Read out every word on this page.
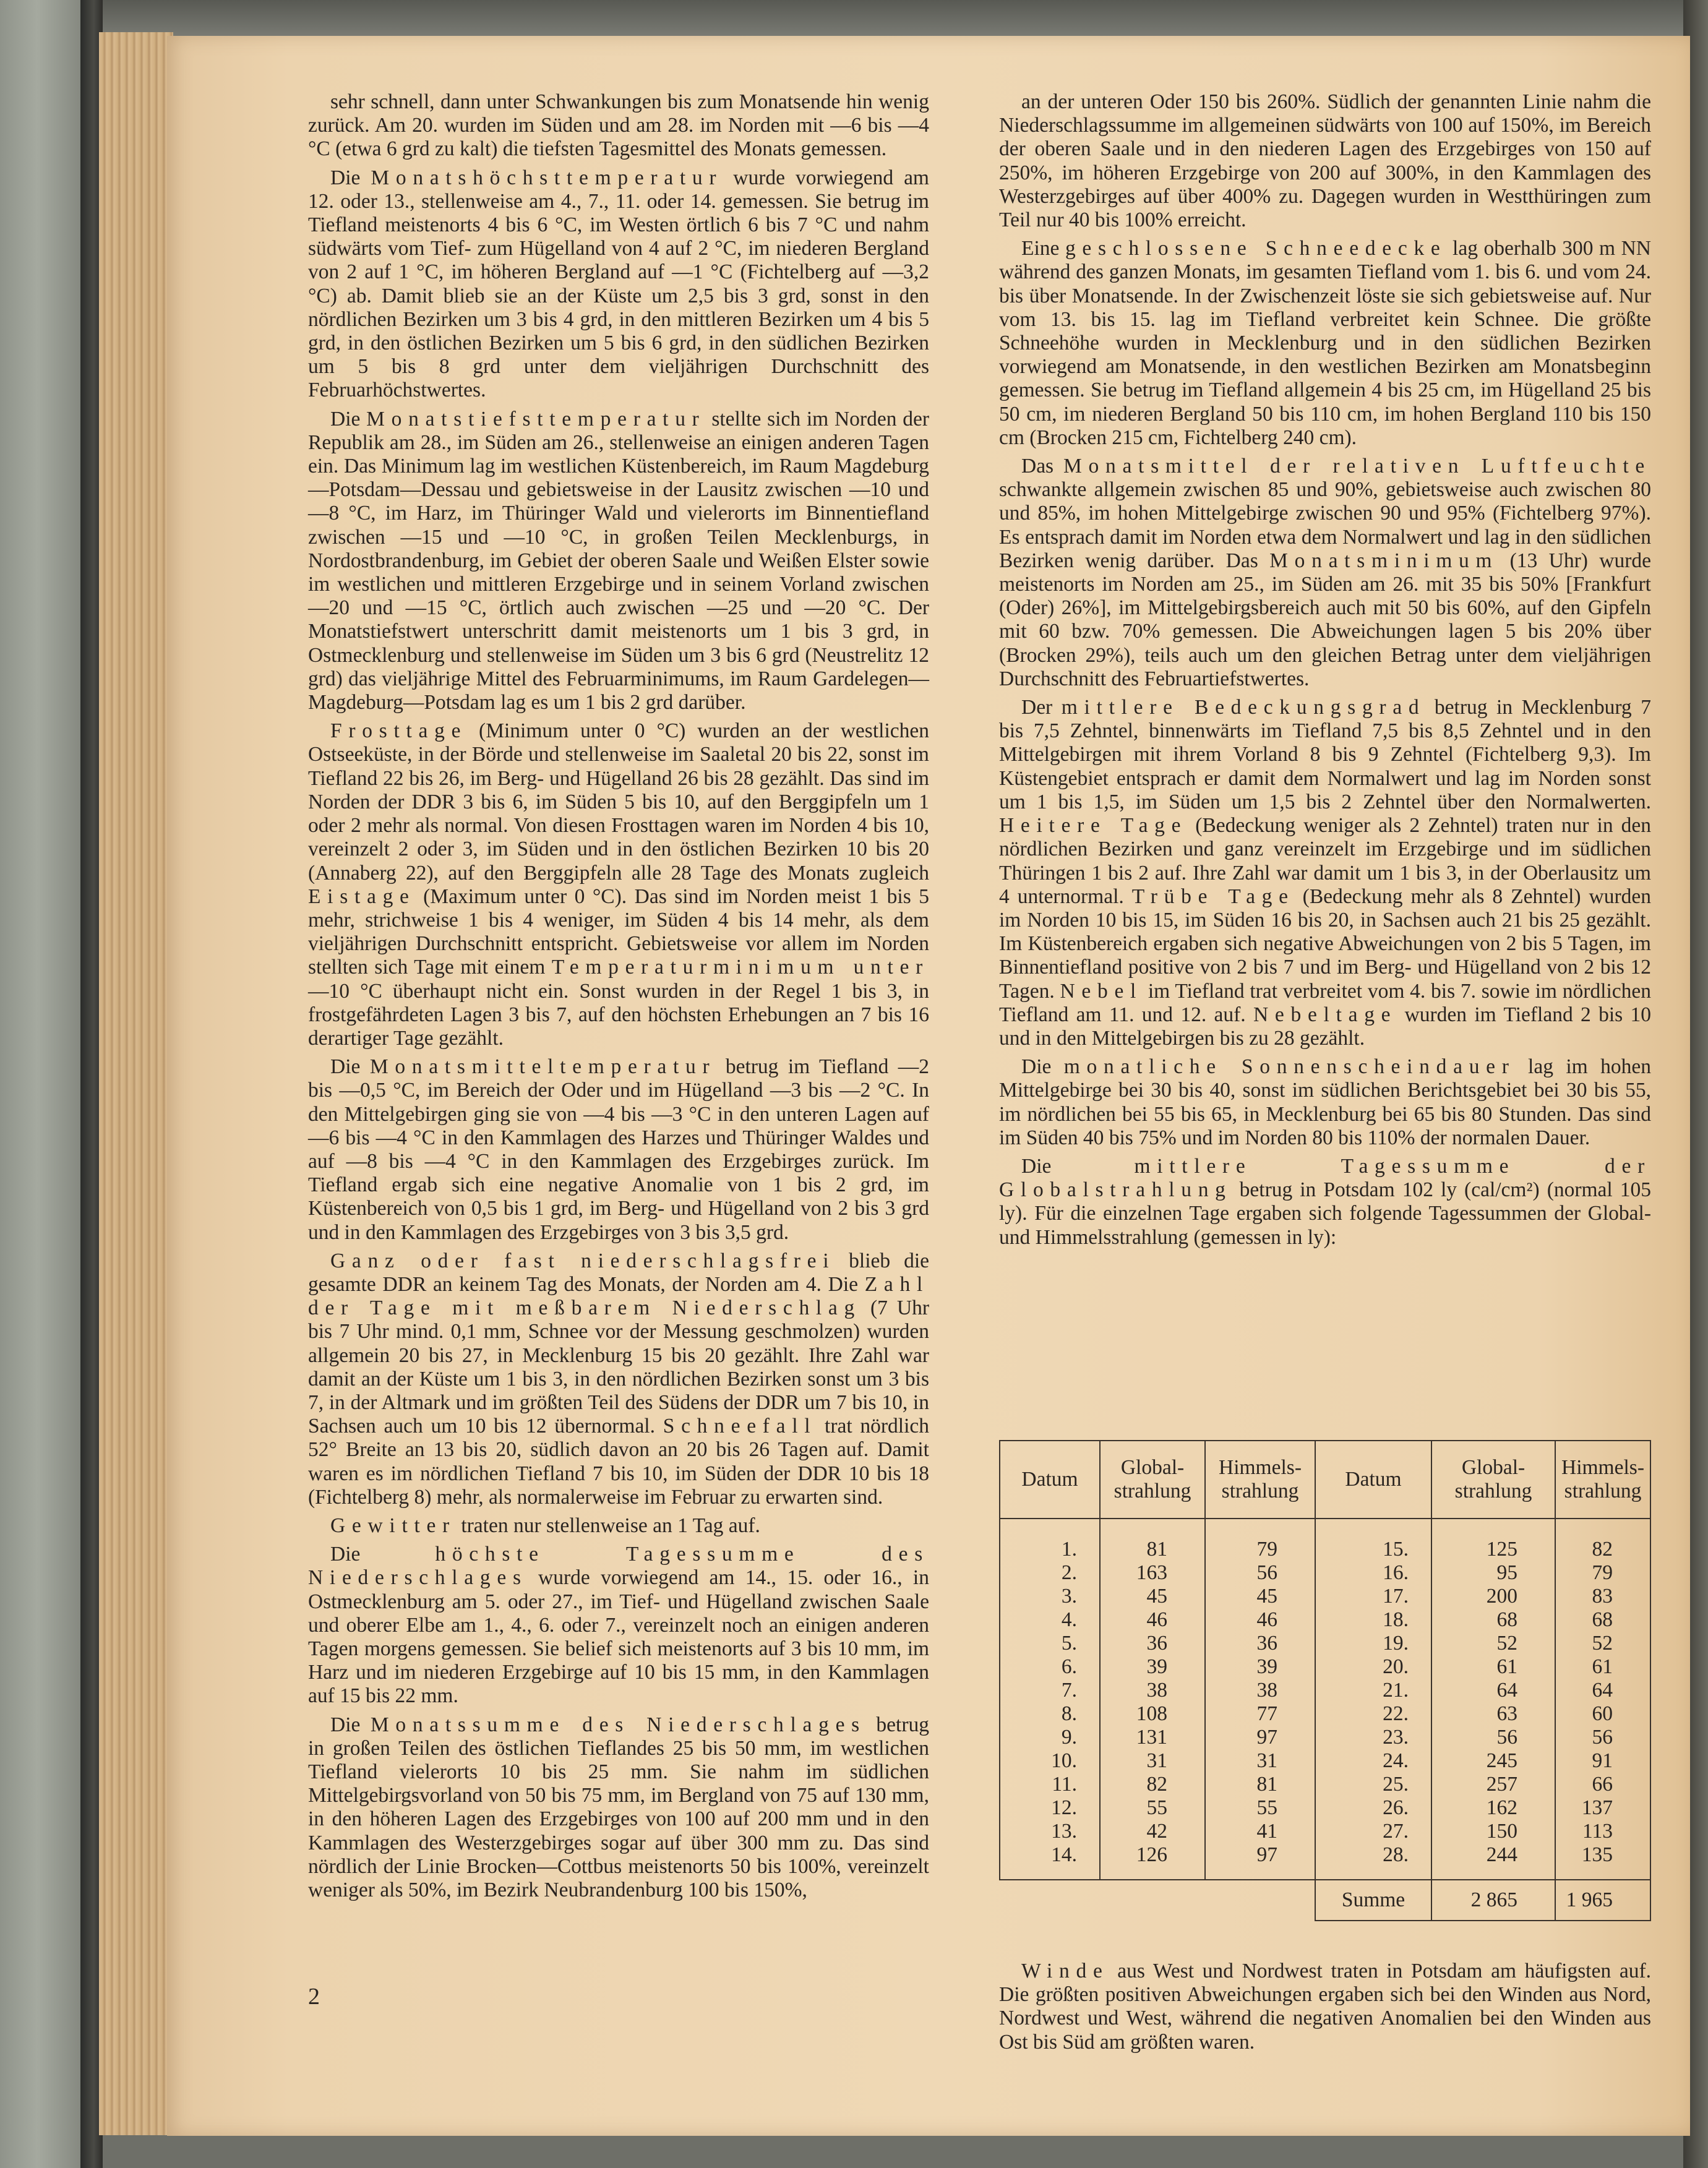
sehr schnell, dann unter Schwankungen bis zum Monatsende hin wenig zurück. Am 20. wurden im Süden und am 28. im Norden mit —6 bis —4 °C (etwa 6 grd zu kalt) die tiefsten Tagesmittel des Monats gemessen.

Die Monatshöchsttemperatur wurde vorwiegend am 12. oder 13., stellenweise am 4., 7., 11. oder 14. gemessen. Sie betrug im Tiefland meistenorts 4 bis 6 °C, im Westen örtlich 6 bis 7 °C und nahm südwärts vom Tief- zum Hügelland von 4 auf 2 °C, im niederen Bergland von 2 auf 1 °C, im höheren Bergland auf —1 °C (Fichtelberg auf —3,2 °C) ab. Damit blieb sie an der Küste um 2,5 bis 3 grd, sonst in den nördlichen Bezirken um 3 bis 4 grd, in den mittleren Bezirken um 4 bis 5 grd, in den östlichen Bezirken um 5 bis 6 grd, in den südlichen Bezirken um 5 bis 8 grd unter dem vieljährigen Durchschnitt des Februarhöchstwertes.

Die Monatstiefsttemperatur stellte sich im Norden der Republik am 28., im Süden am 26., stellenweise an einigen anderen Tagen ein. Das Minimum lag im westlichen Küstenbereich, im Raum Magdeburg—Potsdam—Dessau und gebietsweise in der Lausitz zwischen —10 und —8 °C, im Harz, im Thüringer Wald und vielerorts im Binnentiefland zwischen —15 und —10 °C, in großen Teilen Mecklenburgs, in Nordostbrandenburg, im Gebiet der oberen Saale und Weißen Elster sowie im westlichen und mittleren Erzgebirge und in seinem Vorland zwischen —20 und —15 °C, örtlich auch zwischen —25 und —20 °C. Der Monatstiefstwert unterschritt damit meistenorts um 1 bis 3 grd, in Ostmecklenburg und stellenweise im Süden um 3 bis 6 grd (Neustrelitz 12 grd) das vieljährige Mittel des Februarminimums, im Raum Gardelegen—Magdeburg—Potsdam lag es um 1 bis 2 grd darüber.

Frosttage (Minimum unter 0 °C) wurden an der westlichen Ostseeküste, in der Börde und stellenweise im Saaletal 20 bis 22, sonst im Tiefland 22 bis 26, im Berg- und Hügelland 26 bis 28 gezählt. Das sind im Norden der DDR 3 bis 6, im Süden 5 bis 10, auf den Berggipfeln um 1 oder 2 mehr als normal. Von diesen Frosttagen waren im Norden 4 bis 10, vereinzelt 2 oder 3, im Süden und in den östlichen Bezirken 10 bis 20 (Annaberg 22), auf den Berggipfeln alle 28 Tage des Monats zugleich Eistage (Maximum unter 0 °C). Das sind im Norden meist 1 bis 5 mehr, strichweise 1 bis 4 weniger, im Süden 4 bis 14 mehr, als dem vieljährigen Durchschnitt entspricht. Gebietsweise vor allem im Norden stellten sich Tage mit einem Temperaturminimum unter —10 °C überhaupt nicht ein. Sonst wurden in der Regel 1 bis 3, in frostgefährdeten Lagen 3 bis 7, auf den höchsten Erhebungen an 7 bis 16 derartiger Tage gezählt.

Die Monatsmitteltemperatur betrug im Tiefland —2 bis —0,5 °C, im Bereich der Oder und im Hügelland —3 bis —2 °C. In den Mittelgebirgen ging sie von —4 bis —3 °C in den unteren Lagen auf —6 bis —4 °C in den Kammlagen des Harzes und Thüringer Waldes und auf —8 bis —4 °C in den Kammlagen des Erzgebirges zurück. Im Tiefland ergab sich eine negative Anomalie von 1 bis 2 grd, im Küstenbereich von 0,5 bis 1 grd, im Berg- und Hügelland von 2 bis 3 grd und in den Kammlagen des Erzgebirges von 3 bis 3,5 grd.

Ganz oder fast niederschlagsfrei blieb die gesamte DDR an keinem Tag des Monats, der Norden am 4. Die Zahl der Tage mit meßbarem Niederschlag (7 Uhr bis 7 Uhr mind. 0,1 mm, Schnee vor der Messung geschmolzen) wurden allgemein 20 bis 27, in Mecklenburg 15 bis 20 gezählt. Ihre Zahl war damit an der Küste um 1 bis 3, in den nördlichen Bezirken sonst um 3 bis 7, in der Altmark und im größten Teil des Südens der DDR um 7 bis 10, in Sachsen auch um 10 bis 12 übernormal. Schneefall trat nördlich 52° Breite an 13 bis 20, südlich davon an 20 bis 26 Tagen auf. Damit waren es im nördlichen Tiefland 7 bis 10, im Süden der DDR 10 bis 18 (Fichtelberg 8) mehr, als normalerweise im Februar zu erwarten sind.

Gewitter traten nur stellenweise an 1 Tag auf.

Die höchste Tagessumme des Niederschlages wurde vorwiegend am 14., 15. oder 16., in Ostmecklenburg am 5. oder 27., im Tief- und Hügelland zwischen Saale und oberer Elbe am 1., 4., 6. oder 7., vereinzelt noch an einigen anderen Tagen morgens gemessen. Sie belief sich meistenorts auf 3 bis 10 mm, im Harz und im niederen Erzgebirge auf 10 bis 15 mm, in den Kammlagen auf 15 bis 22 mm.

Die Monatssumme des Niederschlages betrug in großen Teilen des östlichen Tieflandes 25 bis 50 mm, im westlichen Tiefland vielerorts 10 bis 25 mm. Sie nahm im südlichen Mittelgebirgsvorland von 50 bis 75 mm, im Bergland von 75 auf 130 mm, in den höheren Lagen des Erzgebirges von 100 auf 200 mm und in den Kammlagen des Westerzgebirges sogar auf über 300 mm zu. Das sind nördlich der Linie Brocken—Cottbus meistenorts 50 bis 100%, vereinzelt weniger als 50%, im Bezirk Neubrandenburg 100 bis 150%,

an der unteren Oder 150 bis 260%. Südlich der genannten Linie nahm die Niederschlagssumme im allgemeinen südwärts von 100 auf 150%, im Bereich der oberen Saale und in den niederen Lagen des Erzgebirges von 150 auf 250%, im höheren Erzgebirge von 200 auf 300%, in den Kammlagen des Westerzgebirges auf über 400% zu. Dagegen wurden in Westthüringen zum Teil nur 40 bis 100% erreicht.

Eine geschlossene Schneedecke lag oberhalb 300 m NN während des ganzen Monats, im gesamten Tiefland vom 1. bis 6. und vom 24. bis über Monatsende. In der Zwischenzeit löste sie sich gebietsweise auf. Nur vom 13. bis 15. lag im Tiefland verbreitet kein Schnee. Die größte Schneehöhe wurden in Mecklenburg und in den südlichen Bezirken vorwiegend am Monatsende, in den westlichen Bezirken am Monatsbeginn gemessen. Sie betrug im Tiefland allgemein 4 bis 25 cm, im Hügelland 25 bis 50 cm, im niederen Bergland 50 bis 110 cm, im hohen Bergland 110 bis 150 cm (Brocken 215 cm, Fichtelberg 240 cm).

Das Monatsmittel der relativen Luftfeuchte schwankte allgemein zwischen 85 und 90%, gebietsweise auch zwischen 80 und 85%, im hohen Mittelgebirge zwischen 90 und 95% (Fichtelberg 97%). Es entsprach damit im Norden etwa dem Normalwert und lag in den südlichen Bezirken wenig darüber. Das Monatsminimum (13 Uhr) wurde meistenorts im Norden am 25., im Süden am 26. mit 35 bis 50% [Frankfurt (Oder) 26%], im Mittelgebirgsbereich auch mit 50 bis 60%, auf den Gipfeln mit 60 bzw. 70% gemessen. Die Abweichungen lagen 5 bis 20% über (Brocken 29%), teils auch um den gleichen Betrag unter dem vieljährigen Durchschnitt des Februartiefstwertes.

Der mittlere Bedeckungsgrad betrug in Mecklenburg 7 bis 7,5 Zehntel, binnenwärts im Tiefland 7,5 bis 8,5 Zehntel und in den Mittelgebirgen mit ihrem Vorland 8 bis 9 Zehntel (Fichtelberg 9,3). Im Küstengebiet entsprach er damit dem Normalwert und lag im Norden sonst um 1 bis 1,5, im Süden um 1,5 bis 2 Zehntel über den Normalwerten. Heitere Tage (Bedeckung weniger als 2 Zehntel) traten nur in den nördlichen Bezirken und ganz vereinzelt im Erzgebirge und im südlichen Thüringen 1 bis 2 auf. Ihre Zahl war damit um 1 bis 3, in der Oberlausitz um 4 unternormal. Trübe Tage (Bedeckung mehr als 8 Zehntel) wurden im Norden 10 bis 15, im Süden 16 bis 20, in Sachsen auch 21 bis 25 gezählt. Im Küstenbereich ergaben sich negative Abweichungen von 2 bis 5 Tagen, im Binnentiefland positive von 2 bis 7 und im Berg- und Hügelland von 2 bis 12 Tagen. Nebel im Tiefland trat verbreitet vom 4. bis 7. sowie im nördlichen Tiefland am 11. und 12. auf. Nebeltage wurden im Tiefland 2 bis 10 und in den Mittelgebirgen bis zu 28 gezählt.

Die monatliche Sonnenscheindauer lag im hohen Mittelgebirge bei 30 bis 40, sonst im südlichen Berichtsgebiet bei 30 bis 55, im nördlichen bei 55 bis 65, in Mecklenburg bei 65 bis 80 Stunden. Das sind im Süden 40 bis 75% und im Norden 80 bis 110% der normalen Dauer.

Die mittlere Tagessumme der Globalstrahlung betrug in Potsdam 102 ly (cal/cm²) (normal 105 ly). Für die einzelnen Tage ergaben sich folgende Tagessummen der Global- und Himmelsstrahlung (gemessen in ly):

Datum	Global-strahlung	Himmels-strahlung	Datum	Global-strahlung	Himmels-strahlung

1.	81	79	15.	125	82
2.	163	56	16.	95	79
3.	45	45	17.	200	83
4.	46	46	18.	68	68
5.	36	36	19.	52	52
6.	39	39	20.	61	61
7.	38	38	21.	64	64
8.	108	77	22.	63	60
9.	131	97	23.	56	56
10.	31	31	24.	245	91
11.	82	81	25.	257	66
12.	55	55	26.	162	137
13.	42	41	27.	150	113
14.	126	97	28.	244	135
			Summe	2 865	1 965

Winde aus West und Nordwest traten in Potsdam am häufigsten auf. Die größten positiven Abweichungen ergaben sich bei den Winden aus Nord, Nordwest und West, während die negativen Anomalien bei den Winden aus Ost bis Süd am größten waren.

2
